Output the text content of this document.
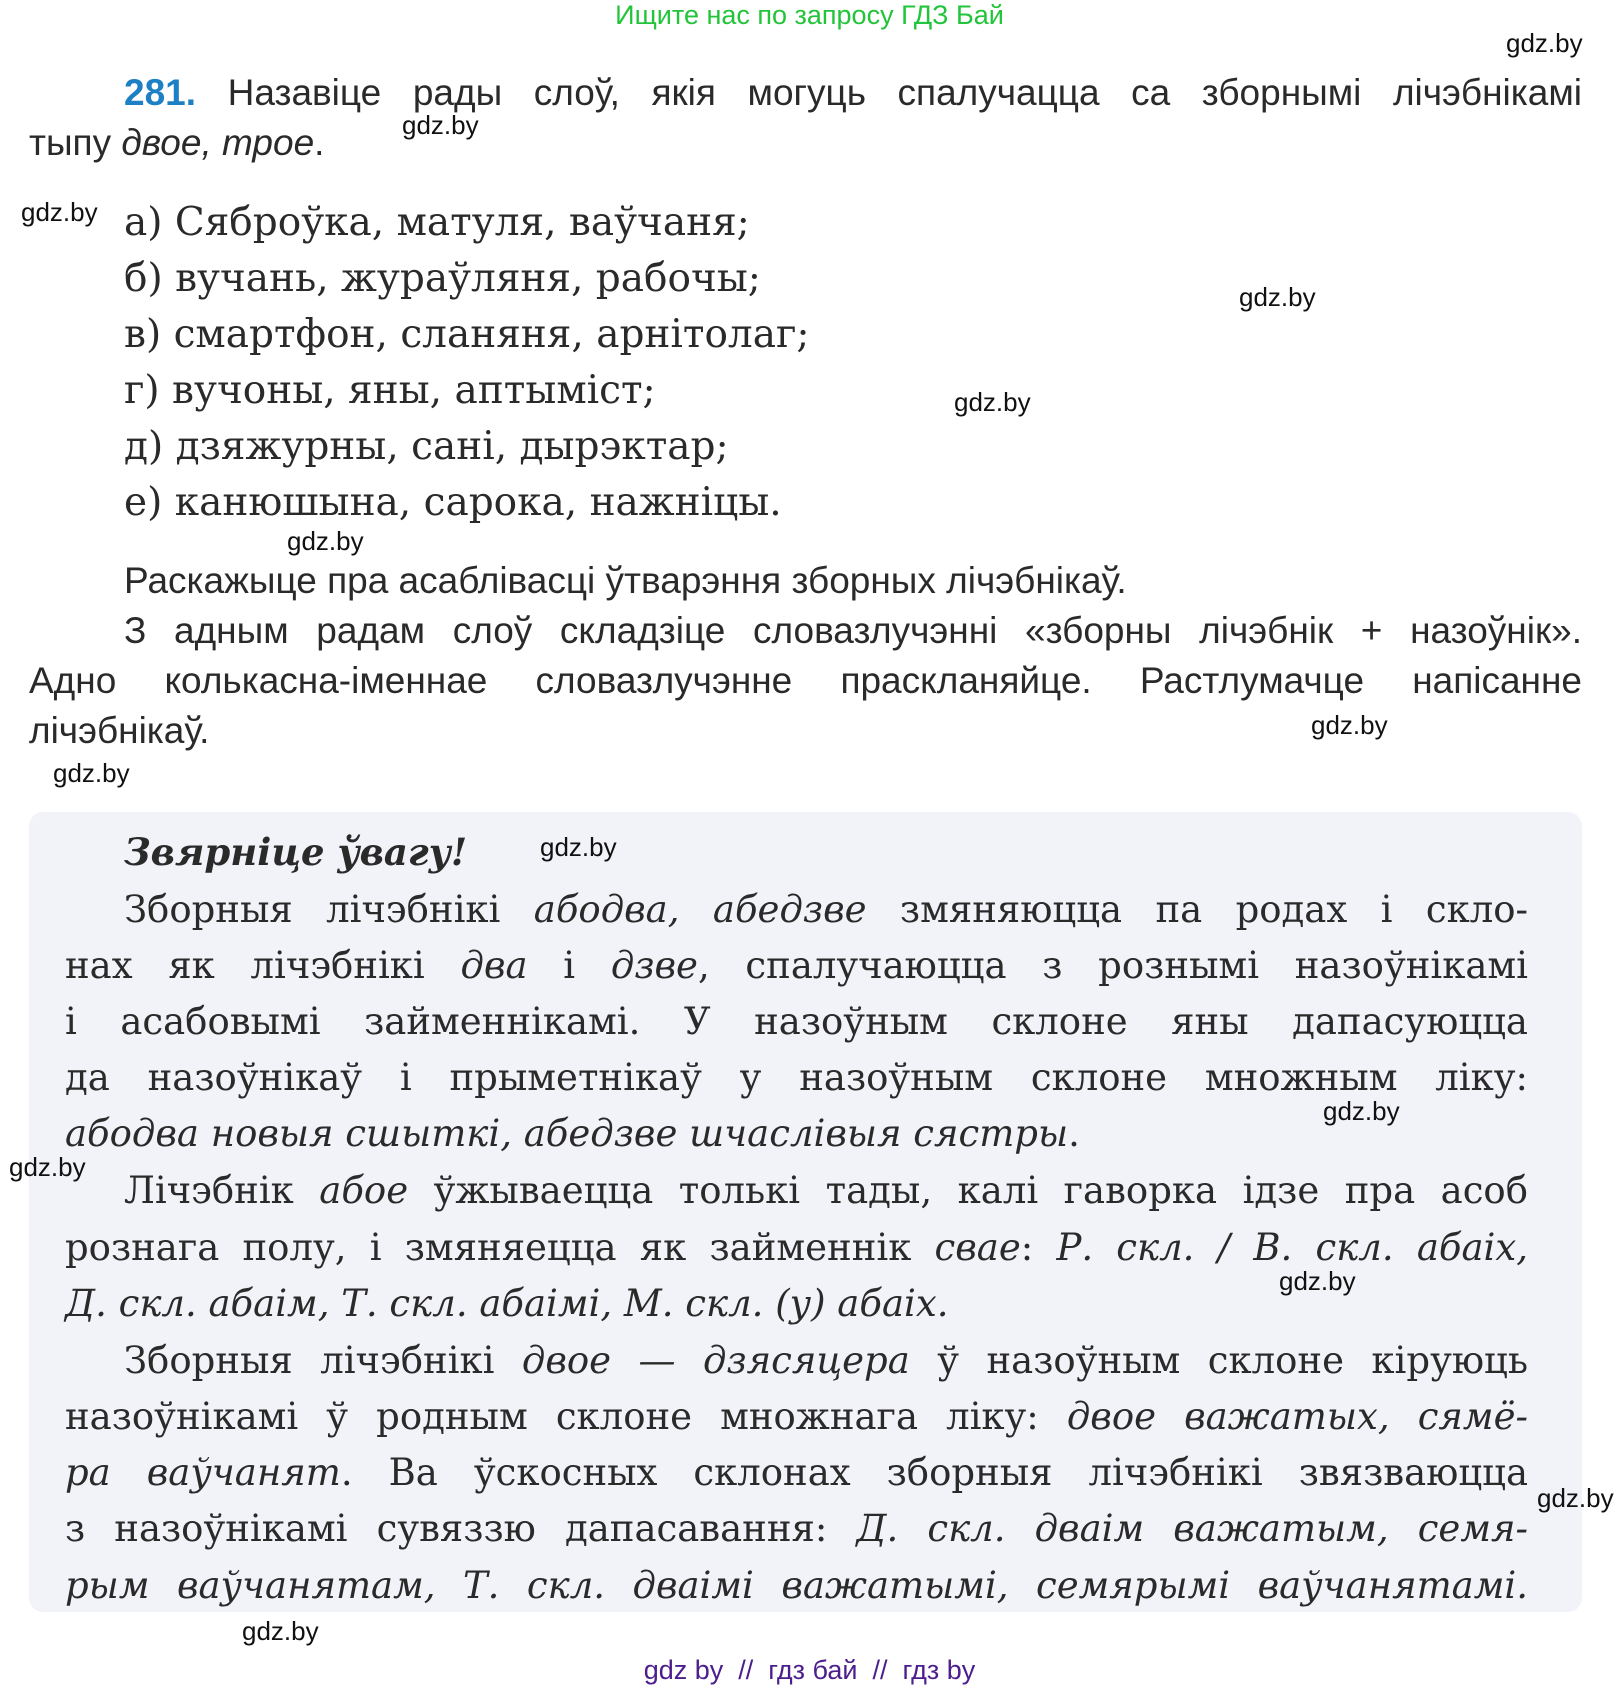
Ищите нас по запросу ГДЗ Бай
281. Назавіце рады слоў, якія могуць спалучацца са зборнымі лічэбнікамі
тыпу двое, трое.
а) Сяброўка, матуля, ваўчаня;
б) вучань, жураўляня, рабочы;
в) смартфон, сланяня, арнітолаг;
г) вучоны, яны, аптыміст;
д) дзяжурны, сані, дырэктар;
е) канюшына, сарока, нажніцы.
Раскажыце пра асаблівасці ўтварэння зборных лічэбнікаў.
З адным радам слоў складзіце словазлучэнні «зборны лічэбнік + назоўнік».
Адно колькасна-іменнае словазлучэнне праскланяйце. Растлумачце напісанне
лічэбнікаў.
Звярніце ўвагу!
Зборныя лічэбнікі абодва, абедзве змяняюцца па родах і скло-
нах як лічэбнікі два і дзве, спалучаюцца з рознымі назоўнікамі
і асабовымі займеннікамі. У назоўным склоне яны дапасуюцца
да назоўнікаў і прыметнікаў у назоўным склоне множным ліку:
абодва новыя сшыткі, абедзве шчаслівыя сястры.
Лічэбнік абое ўжываецца толькі тады, калі гаворка ідзе пра асоб
рознага полу, і змяняецца як займеннік свае: Р. скл. / В. скл. абаіх,
Д. скл. абаім, Т. скл. абаімі, М. скл. (у) абаіх.
Зборныя лічэбнікі двое — дзясяцера ў назоўным склоне кіруюць
назоўнікамі ў родным склоне множнага ліку: двое важатых, сямё-
ра ваўчанят. Ва ўскосных склонах зборныя лічэбнікі звязваюцца
з назоўнікамі сувяззю дапасавання: Д. скл. дваім важатым, семя-
рым ваўчанятам, Т. скл. дваімі важатымі, семярымі ваўчанятамі.
gdz.by
gdz.by
gdz.by
gdz.by
gdz.by
gdz.by
gdz.by
gdz.by
gdz.by
gdz.by
gdz.by
gdz.by
gdz.by
gdz.by
gdz by  //  гдз бай  //  гдз by
